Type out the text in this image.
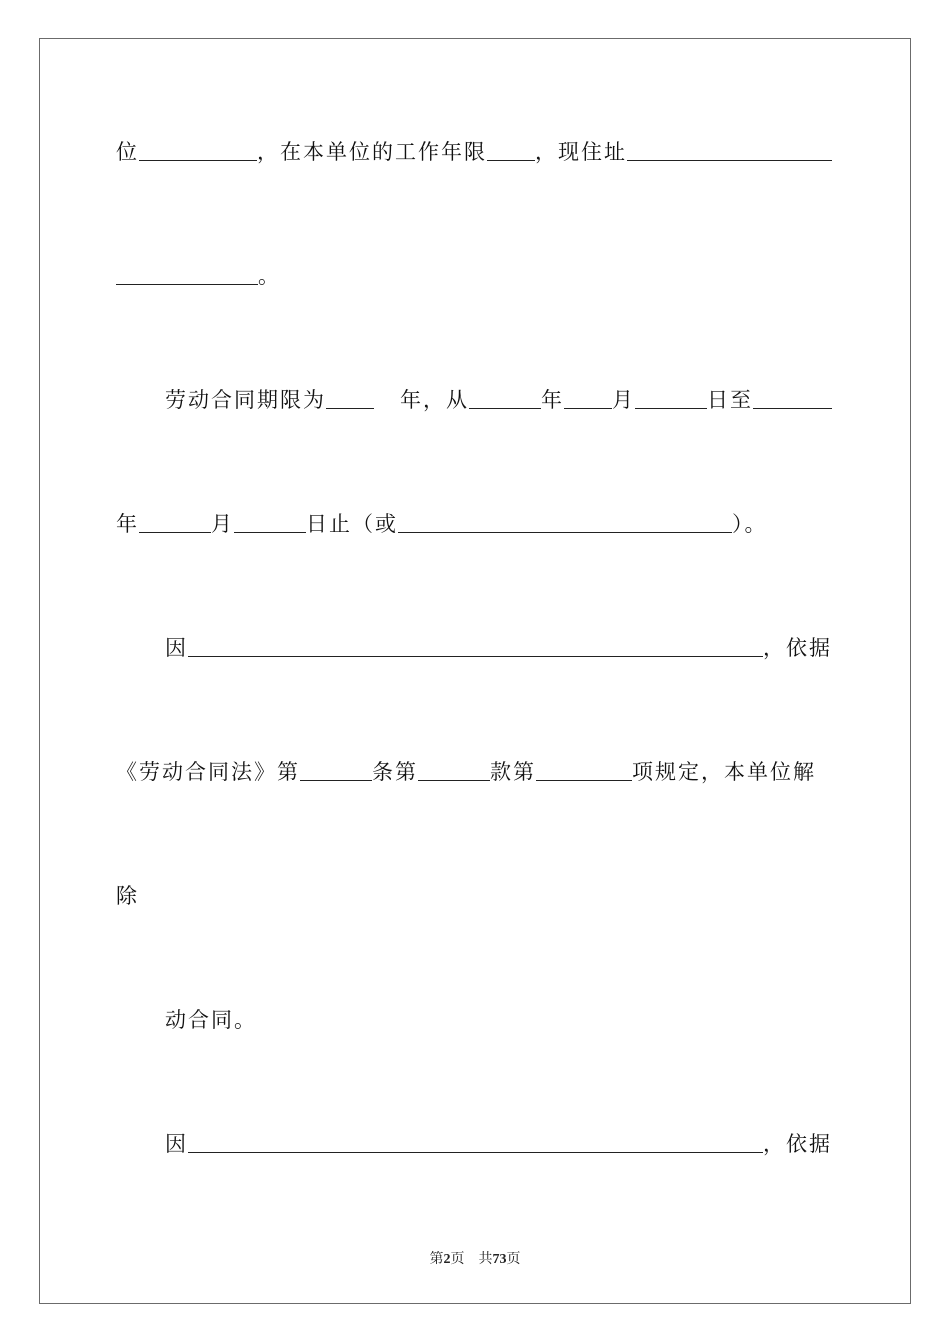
位	，在本单位的工作年限 ，现住址
。
劳动合同期限为	年，从	年 月	日至
年	月	日止（或	）。
因	，依据
《劳动合同法》第	条第	款第	项规定，本单位解
除
动合同。
因	，依据
第2页　共73页
